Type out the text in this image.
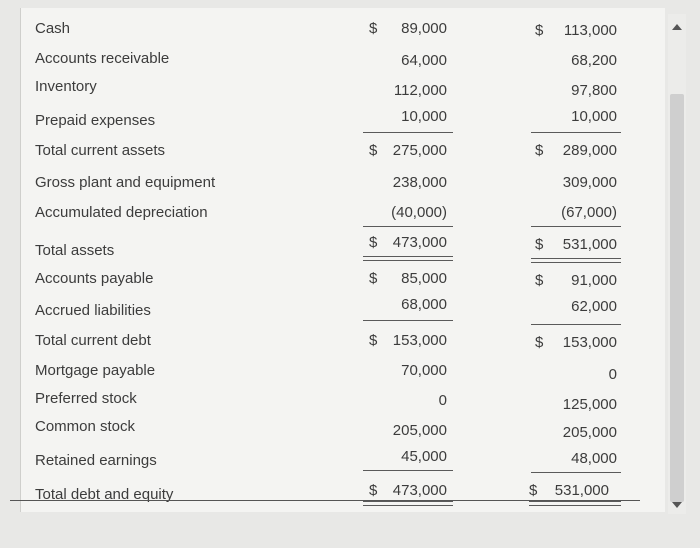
Cash	$	89,000	$	113,000
Accounts receivable	64,000	68,200
Inventory	112,000	97,800
Prepaid expenses	10,000	10,000
Total current assets	$	275,000	$	289,000
Gross plant and equipment	238,000	309,000
Accumulated depreciation	(40,000)	(67,000)
Total assets	$	473,000	$	531,000
Accounts payable	$	85,000	$	91,000
Accrued liabilities	68,000	62,000
Total current debt	$	153,000	$	153,000
Mortgage payable	70,000	0
Preferred stock	0	125,000
Common stock	205,000	205,000
Retained earnings	45,000	48,000
Total debt and equity	$	473,000	$	531,000
